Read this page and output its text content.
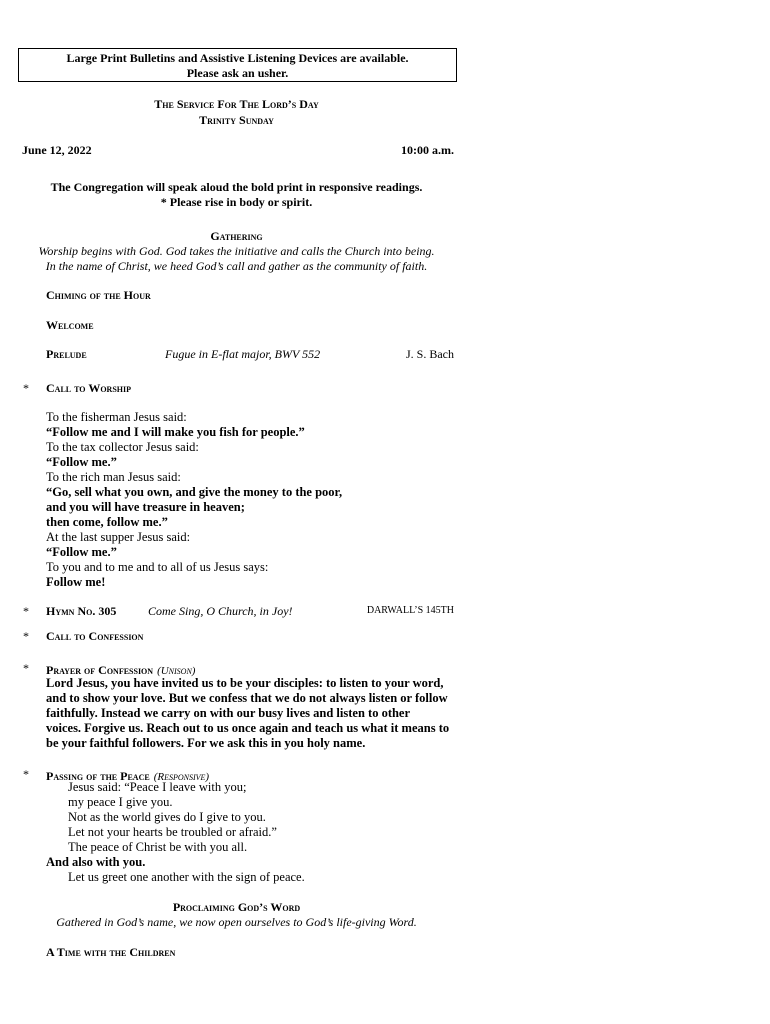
Large Print Bulletins and Assistive Listening Devices are available.
Please ask an usher.
The Service For The Lord’s Day
Trinity Sunday
June 12, 2022	10:00 a.m.
The Congregation will speak aloud the bold print in responsive readings.
* Please rise in body or spirit.
Gathering
Worship begins with God. God takes the initiative and calls the Church into being.
In the name of Christ, we heed God’s call and gather as the community of faith.
Chiming of the Hour
Welcome
Prelude	Fugue in E-flat major, BWV 552	J. S. Bach
* Call to Worship
To the fisherman Jesus said:
“Follow me and I will make you fish for people.”
To the tax collector Jesus said:
“Follow me.”
To the rich man Jesus said:
“Go, sell what you own, and give the money to the poor,
and you will have treasure in heaven;
then come, follow me.”
At the last supper Jesus said:
“Follow me.”
To you and to me and to all of us Jesus says:
Follow me!
* Hymn No. 305	Come Sing, O Church, in Joy!	DARWALL’S 145TH
* Call to Confession
* Prayer of Confession (Unison)
Lord Jesus, you have invited us to be your disciples: to listen to your word,
and to show your love. But we confess that we do not always listen or follow
faithfully. Instead we carry on with our busy lives and listen to other
voices. Forgive us. Reach out to us once again and teach us what it means to
be your faithful followers. For we ask this in you holy name.
* Passing of the Peace (Responsive)
Jesus said: “Peace I leave with you;
my peace I give you.
Not as the world gives do I give to you.
Let not your hearts be troubled or afraid.”
The peace of Christ be with you all.
And also with you.
Let us greet one another with the sign of peace.
Proclaiming God’s Word
Gathered in God’s name, we now open ourselves to God’s life-giving Word.
A Time with the Children
